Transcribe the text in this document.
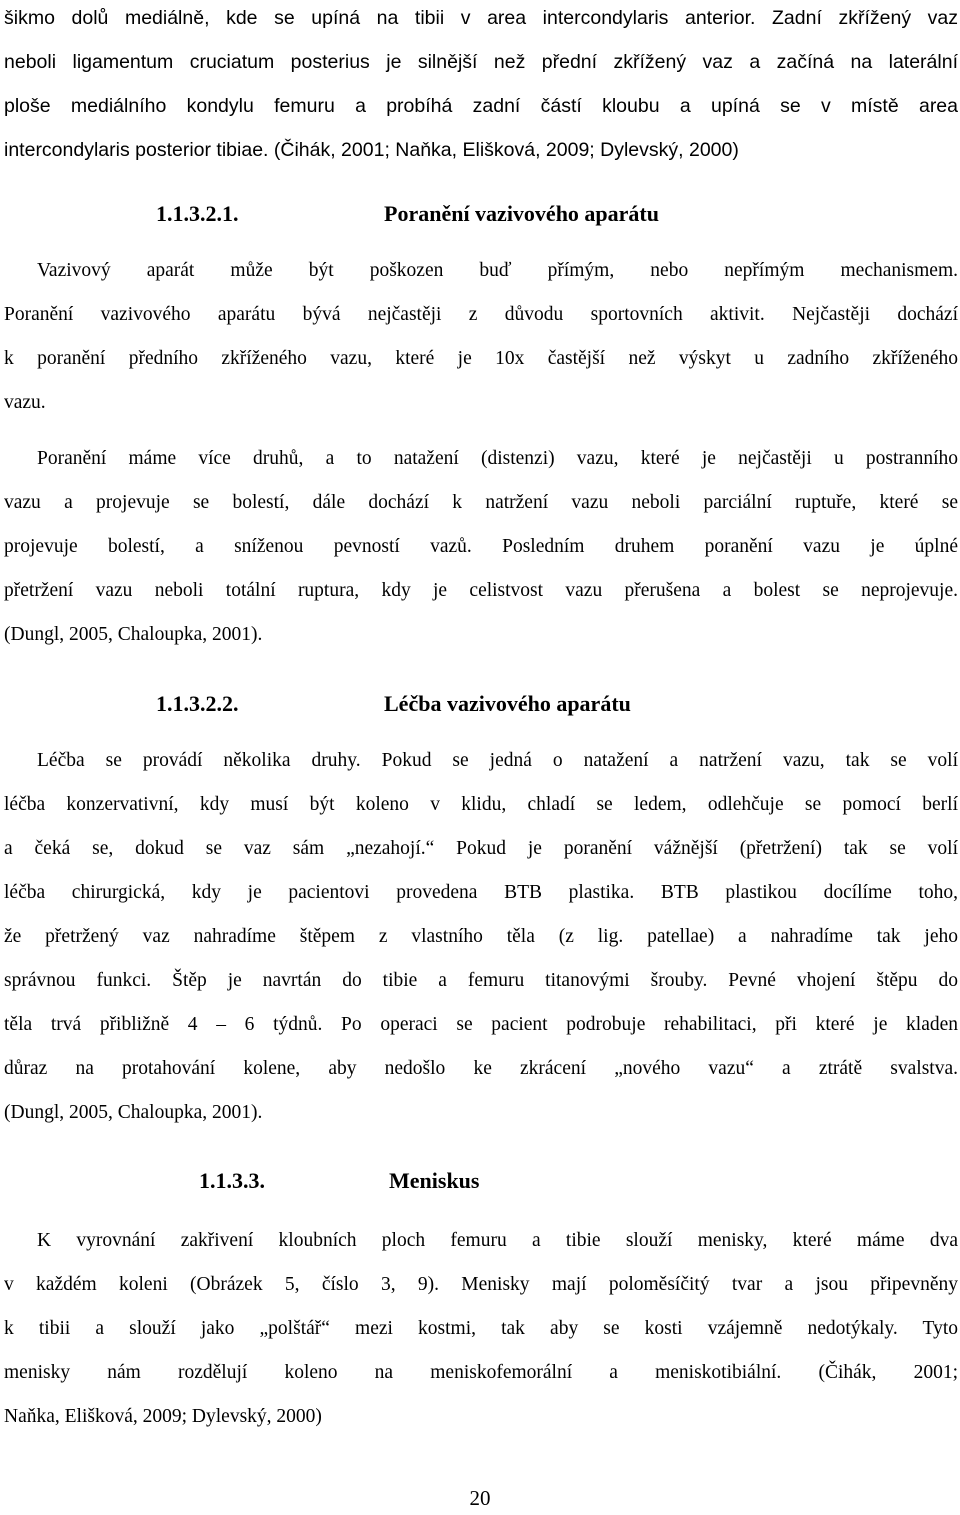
šikmo dolů mediálně, kde se upíná na tibii v area intercondylaris anterior. Zadní zkřížený vaz
neboli ligamentum cruciatum posterius je silnější než přední zkřížený vaz a začíná na laterální
ploše mediálního kondylu femuru a probíhá zadní částí kloubu a upíná se v místě area
intercondylaris posterior tibiae. (Čihák, 2001; Naňka, Elišková, 2009; Dylevský, 2000)
1.1.3.2.1.	Poranění vazivového aparátu
Vazivový aparát může být poškozen buď přímým, nebo nepřímým mechanismem.
Poranění vazivového aparátu bývá nejčastěji z důvodu sportovních aktivit. Nejčastěji dochází
k poranění předního zkříženého vazu, které je 10x častější než výskyt u zadního zkříženého
vazu.
Poranění máme více druhů, a to natažení (distenzi) vazu, které je nejčastěji u postranního
vazu a projevuje se bolestí, dále dochází k natržení vazu neboli parciální ruptuře, které se
projevuje bolestí, a sníženou pevností vazů. Posledním druhem poranění vazu je úplné
přetržení vazu neboli totální ruptura, kdy je celistvost vazu přerušena a bolest se neprojevuje.
(Dungl, 2005, Chaloupka, 2001).
1.1.3.2.2.	Léčba vazivového aparátu
Léčba se provádí několika druhy. Pokud se jedná o natažení a natržení vazu, tak se volí
léčba konzervativní, kdy musí být koleno v klidu, chladí se ledem, odlehčuje se pomocí berlí
a čeká se, dokud se vaz sám „nezahojí.“ Pokud je poranění vážnější (přetržení) tak se volí
léčba chirurgická, kdy je pacientovi provedena BTB plastika. BTB plastikou docílíme toho,
že přetržený vaz nahradíme štěpem z vlastního těla (z lig. patellae) a nahradíme tak jeho
správnou funkci. Štěp je navrtán do tibie a femuru titanovými šrouby. Pevné vhojení štěpu do
těla trvá přibližně 4 – 6 týdnů. Po operaci se pacient podrobuje rehabilitaci, při které je kladen
důraz na protahování kolene, aby nedošlo ke zkrácení „nového vazu“ a ztrátě svalstva.
(Dungl, 2005, Chaloupka, 2001).
1.1.3.3.	Meniskus
K vyrovnání zakřivení kloubních ploch femuru a tibie slouží menisky, které máme dva
v každém koleni (Obrázek 5, číslo 3, 9). Menisky mají poloměsíčitý tvar a jsou připevněny
k tibii a slouží jako „polštář“ mezi kostmi, tak aby se kosti vzájemně nedotýkaly. Tyto
menisky nám rozdělují koleno na meniskofemorální a meniskotibiální. (Čihák, 2001;
Naňka, Elišková, 2009; Dylevský, 2000)
20
